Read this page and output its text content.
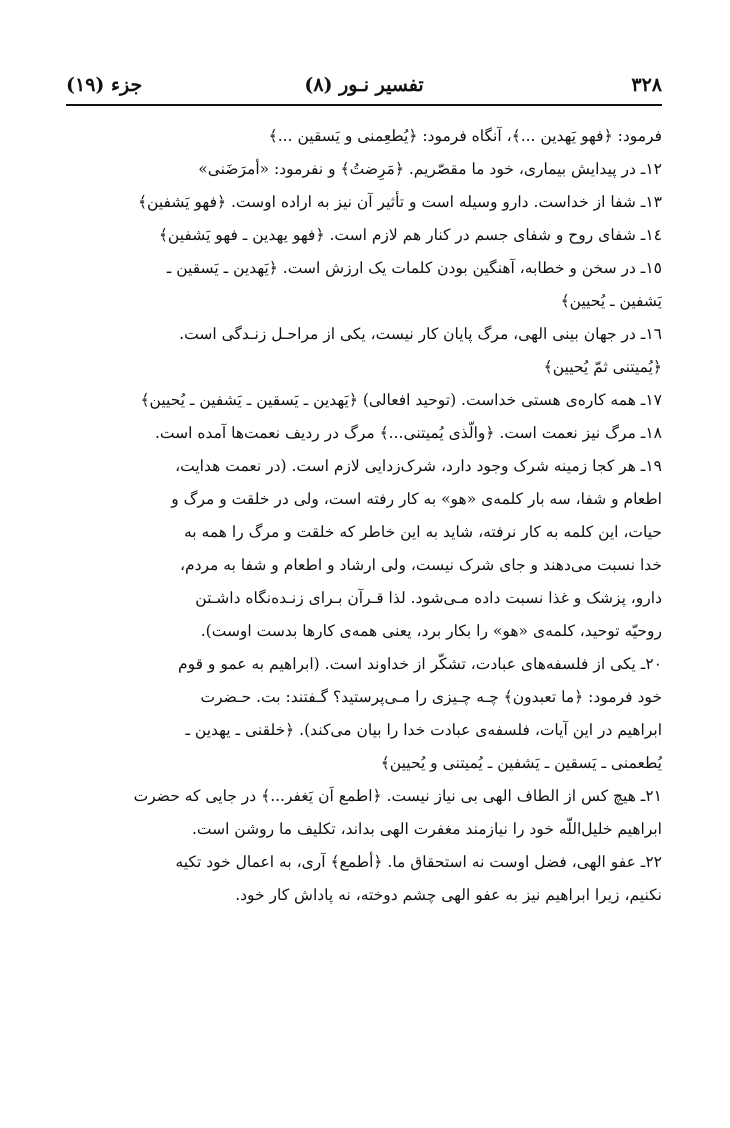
۳۲۸
تفسیر نـور (۸)
جزء (۱۹)
فرمود: ﴿فهو یَهدین ...﴾، آنگاه فرمود: ﴿یُطعِمنی و یَسقین ...﴾
۱۲ـ در پیدایش بیماری، خود ما مقصّریم. ﴿مَرِضتُ﴾ و نفرمود: «أمرَضَنی»
۱۳ـ شفا از خداست. دارو وسیله است و تأثیر آن نیز به اراده اوست. ﴿فهو یَشفین﴾
۱٤ـ شفای روح و شفای جسم در کنار هم لازم است. ﴿فهو یهدین ـ فهو یَشفین﴾
۱٥ـ در سخن و خطابه، آهنگین بودن کلمات یک ارزش است. ﴿یَهدین ـ یَسقین ـ
یَشفین ـ یُحیین﴾
۱٦ـ در جهان بینی الهی، مرگ پایان کار نیست، یکی از مراحـل زنـدگی است.
﴿یُمیتنی ثمّ یُحیین﴾
۱۷ـ همه کاره‌ی هستی خداست. (توحید افعالی) ﴿یَهدین ـ یَسقین ـ یَشفین ـ یُحیین﴾
۱۸ـ مرگ نیز نعمت است. ﴿والّذی یُمیتنی...﴾ مرگ در ردیف نعمت‌ها آمده است.
۱۹ـ هر کجا زمینه شرک وجود دارد، شرک‌زدایی لازم است. (در نعمت هدایت،
اطعام و شفا، سه بار کلمه‌ی «هو» به کار رفته است، ولی در خلقت و مرگ و
حیات، این کلمه به کار نرفته، شاید به این خاطر که خلقت و مرگ را همه به
خدا نسبت می‌دهند و جای شرک نیست، ولی ارشاد و اطعام و شفا به مردم،
دارو، پزشک و غذا نسبت داده مـی‌شود. لذا قـرآن بـرای زنـده‌نگاه داشـتن
روحیّه توحید، کلمه‌ی «هو» را بکار برد، یعنی همه‌ی کارها بدست اوست).
۲۰ـ یکی از فلسفه‌های عبادت، تشکّر از خداوند است. (ابراهیم به عمو و قوم
خود فرمود: ﴿ما تعبدون﴾ چـه چـیزی را مـی‌پرستید؟ گـفتند: بت. حـضرت
ابراهیم در این آیات، فلسفه‌ی عبادت خدا را بیان می‌کند). ﴿خلقنی ـ یهدین ـ
یُطعمنی ـ یَسقین ـ یَشفین ـ یُمیتنی و یُحیین﴾
۲۱ـ هیچ کس از الطاف الهی بی نیاز نیست. ﴿اطمع اَن یَغفر...﴾ در جایی که حضرت
ابراهیم خلیل‌اللّه خود را نیازمند مغفرت الهی بداند، تکلیف ما روشن است.
۲۲ـ عفو الهی، فضل اوست نه استحقاق ما. ﴿أطمع﴾ آری، به اعمال خود تکیه
نکنیم، زیرا ابراهیم نیز به عفو الهی چشم دوخته، نه پاداش کار خود.
